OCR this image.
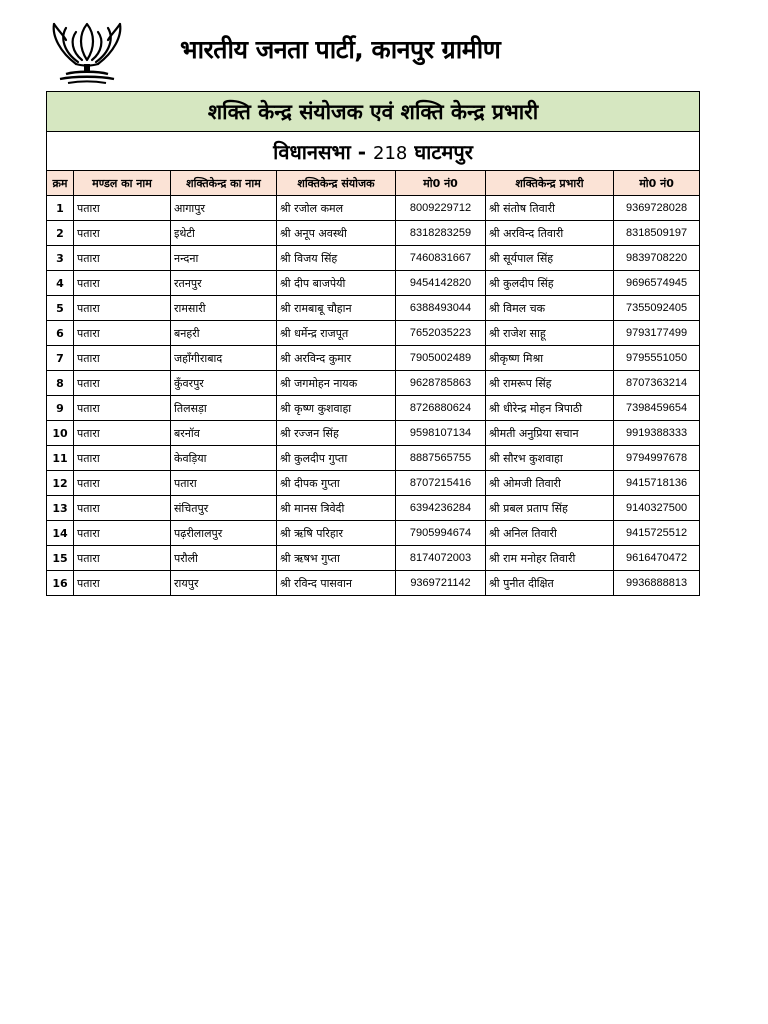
भारतीय जनता पार्टी, कानपुर ग्रामीण
शक्ति केन्द्र संयोजक एवं शक्ति केन्द्र प्रभारी						
विधानसभा - 218 घाटमपुर						
क्रम	मण्डल का नाम	शक्तिकेन्द्र का नाम	शक्तिकेन्द्र संयोजक	मो0 नं0	शक्तिकेन्द्र प्रभारी	मो0 नं0
1	पतारा	आगापुर	श्री रजोल कमल	8009229712	श्री संतोष तिवारी	9369728028
2	पतारा	इथेटी	श्री अनूप अवस्थी	8318283259	श्री अरविन्द तिवारी	8318509197
3	पतारा	नन्दना	श्री विजय सिंह	7460831667	श्री सूर्यपाल सिंह	9839708220
4	पतारा	रतनपुर	श्री दीप बाजपेयी	9454142820	श्री कुलदीप सिंह	9696574945
5	पतारा	रामसारी	श्री रामबाबू चौहान	6388493044	श्री विमल चक	7355092405
6	पतारा	बनहरी	श्री धर्मेन्द्र राजपूत	7652035223	श्री राजेश साहू	9793177499
7	पतारा	जहाँगीराबाद	श्री अरविन्द कुमार	7905002489	श्रीकृष्ण मिश्रा	9795551050
8	पतारा	कुँवरपुर	श्री जगमोहन नायक	9628785863	श्री रामरूप सिंह	8707363214
9	पतारा	तिलसड़ा	श्री कृष्ण कुशवाहा	8726880624	श्री धीरेन्द्र मोहन त्रिपाठी	7398459654
10	पतारा	बरनॉव	श्री रज्जन सिंह	9598107134	श्रीमती अनुप्रिया सचान	9919388333
11	पतारा	केवड़िया	श्री कुलदीप गुप्ता	8887565755	श्री सौरभ कुशवाहा	9794997678
12	पतारा	पतारा	श्री दीपक गुप्ता	8707215416	श्री ओमजी तिवारी	9415718136
13	पतारा	संचितपुर	श्री मानस त्रिवेदी	6394236284	श्री प्रबल प्रताप सिंह	9140327500
14	पतारा	पढ़रीलालपुर	श्री ऋषि परिहार	7905994674	श्री अनिल तिवारी	9415725512
15	पतारा	परौली	श्री ऋषभ गुप्ता	8174072003	श्री राम मनोहर तिवारी	9616470472
16	पतारा	रायपुर	श्री रविन्द पासवान	9369721142	श्री पुनीत दीक्षित	9936888813
